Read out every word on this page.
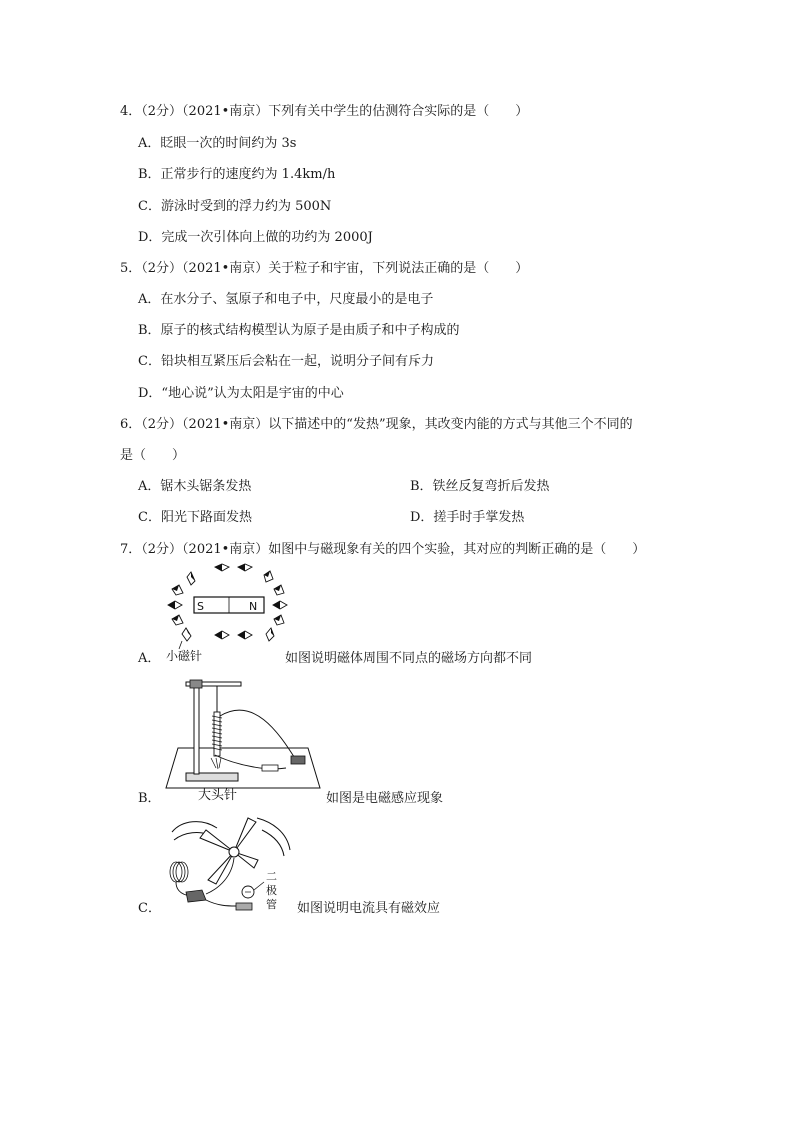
4．（2分）（2021•南京）下列有关中学生的估测符合实际的是（　　）
A．眨眼一次的时间约为 3s
B．正常步行的速度约为 1.4km/h
C．游泳时受到的浮力约为 500N
D．完成一次引体向上做的功约为 2000J
5．（2分）（2021•南京）关于粒子和宇宙，下列说法正确的是（　　）
A．在水分子、氢原子和电子中，尺度最小的是电子
B．原子的核式结构模型认为原子是由质子和中子构成的
C．铅块相互紧压后会粘在一起，说明分子间有斥力
D．“地心说”认为太阳是宇宙的中心
6．（2分）（2021•南京）以下描述中的“发热”现象，其改变内能的方式与其他三个不同的
是（　　）
A．锯木头锯条发热	B．铁丝反复弯折后发热
C．阳光下路面发热	D．搓手时手掌发热
7．（2分）（2021•南京）如图中与磁现象有关的四个实验，其对应的判断正确的是（　　）
S	N
小磁针
A．	如图说明磁体周围不同点的磁场方向都不同
大头针
B．	如图是电磁感应现象
二
极
管
C．	如图说明电流具有磁效应
